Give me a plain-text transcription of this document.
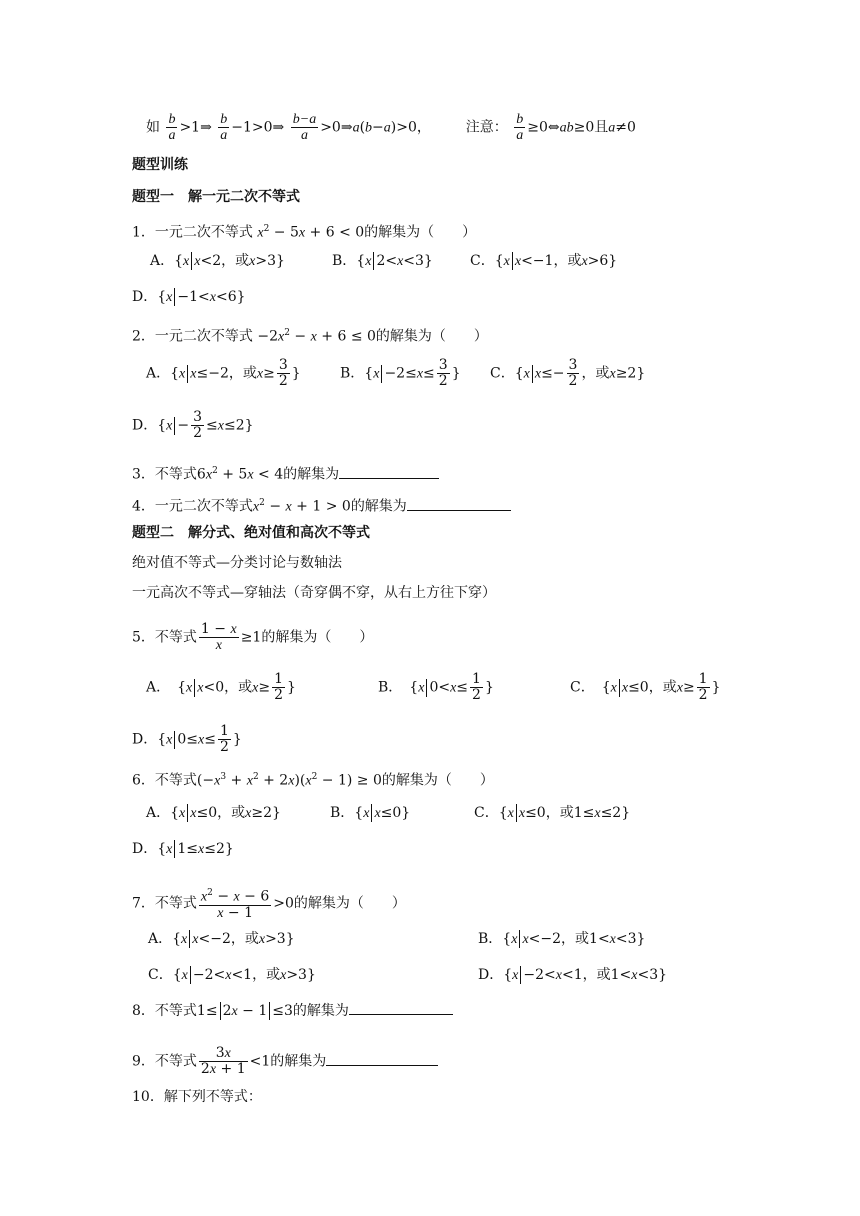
如 $\frac{b}{a}$ >1⇒ $\frac{b}{a}$ −1>0⇒ $\frac{b-a}{a}$ >0⇒a(b−a)>0， 注意： $\frac{b}{a}$ ≥0⇔ab≥0且a≠0
题型训练
题型一　解一元二次不等式
1．一元二次不等式 $x^2 - 5x + 6 < 0$的解集为（　　）
A．{x x<2，或x>3}	B．{x 2<x<3}	C．{x x<−1，或x>6}
D．{x −1<x<6}
2．一元二次不等式 $-2x^2 - x + 6 \le 0$的解集为（　　）
A．{x x≤−2，或$x\ge \frac{3}{2}$ }	B．{$x -2\le x\le \frac{3}{2}$ } C．{x $x\le- \frac{3}{2}$ ，或x≥2}
D．$\{x - \frac{3}{2} \le x\le 2\}$
3．不等式$6x^2 + 5x < 4$的解集为
4．一元二次不等式$x^2 - x + 1 > 0$的解集为
题型二　解分式、绝对值和高次不等式
绝对值不等式—分类讨论与数轴法
一元高次不等式—穿轴法（奇穿偶不穿，从右上方往下穿）
5．不等式 $\frac{1 - x}{x} \ge 1$的解集为（　　）
A．　{x x<0，或$x\ge \frac{1}{2}$ }	B．　{x $0<x\le \frac{1}{2}$ }	C．　{x x≤0，或$x\ge \frac{1}{2}$ }
D．{x $0\le x\le \frac{1}{2}$ }
6．不等式$(-x^3 + x^2 + 2x)(x^2 - 1) \ge 0$的解集为（　　）
A．{x x≤0，或x≥2}	B．{x x≤0}	C．{x x≤0，或1≤x≤2}
D．{x 1≤x≤2}
7．不等式 $\frac{x^2 - x - 6}{x - 1} >0$的解集为（　　）
A．{x x<−2，或x>3}	B．{x x<−2，或1<x<3}
C．{x −2<x<1，或x>3}	D．{x −2<x<1，或1<x<3}
8．不等式1≤ 2x − 1 ≤3的解集为
9．不等式 $\frac{3x}{2x + 1} <1$的解集为
10．解下列不等式：
